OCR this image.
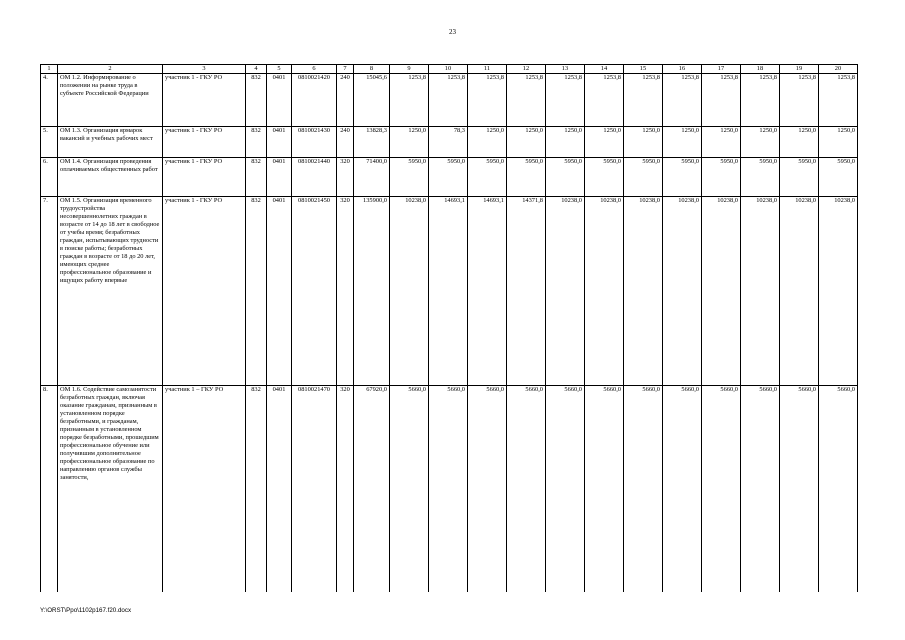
23
1	2	3	4	5	6	7	8	9	10	11	12	13	14	15	16	17	18	19	20
4.	ОМ 1.2. Информирование о положении на рынке труда в субъекте Российской Федерации	участник 1 - ГКУ РО	832	0401	0810021420	240	15045,6	1253,8	1253,8	1253,8	1253,8	1253,8	1253,8	1253,8	1253,8	1253,8	1253,8	1253,8	1253,8
5.	ОМ 1.3. Организация ярмарок вакансий и учебных рабочих мест	участник 1 - ГКУ РО	832	0401	0810021430	240	13828,3	1250,0	78,3	1250,0	1250,0	1250,0	1250,0	1250,0	1250,0	1250,0	1250,0	1250,0	1250,0
6.	ОМ 1.4. Организация проведения оплачиваемых общественных работ	участник 1 - ГКУ РО	832	0401	0810021440	320	71400,0	5950,0	5950,0	5950,0	5950,0	5950,0	5950,0	5950,0	5950,0	5950,0	5950,0	5950,0	5950,0
7.	ОМ 1.5. Организация временного трудоустройства несовершеннолетних граждан в возрасте от 14 до 18 лет в свободное от учебы время; безработных граждан, испытывающих трудности в поиске работы; безработных граждан в возрасте от 18 до 20 лет, имеющих среднее профессиональное образование и ищущих работу впервые	участник 1 - ГКУ РО	832	0401	0810021450	320	135900,0	10238,0	14693,1	14693,1	14371,8	10238,0	10238,0	10238,0	10238,0	10238,0	10238,0	10238,0	10238,0
8.	ОМ 1.6. Содействие самозанятости безработных граждан, включая оказание гражданам, признанным в установленном порядке безработными, и гражданам, признанным в установленном порядке безработными, прошедшим профессиональное обучение или получившим дополнительное профессиональное образование по направлению органов службы занятости,	участник 1 – ГКУ РО	832	0401	0810021470	320	67920,0	5660,0	5660,0	5660,0	5660,0	5660,0	5660,0	5660,0	5660,0	5660,0	5660,0	5660,0	5660,0
Y:\ORST\Ppo\1102p167.f20.docx
